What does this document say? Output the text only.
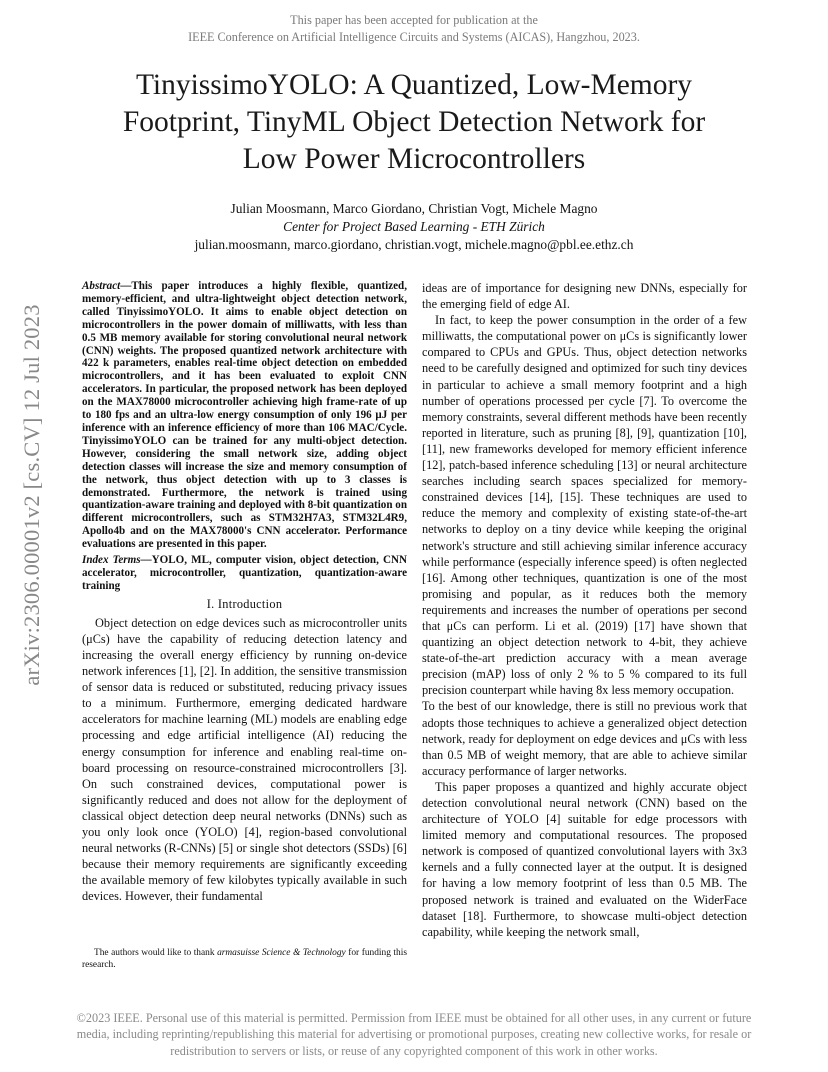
This paper has been accepted for publication at the
IEEE Conference on Artificial Intelligence Circuits and Systems (AICAS), Hangzhou, 2023.
TinyissimoYOLO: A Quantized, Low-Memory
Footprint, TinyML Object Detection Network for
Low Power Microcontrollers
Julian Moosmann, Marco Giordano, Christian Vogt, Michele Magno
Center for Project Based Learning - ETH Zürich
julian.moosmann, marco.giordano, christian.vogt, michele.magno@pbl.ee.ethz.ch
arXiv:2306.00001v2 [cs.CV] 12 Jul 2023
Abstract—This paper introduces a highly flexible, quantized, memory-efficient, and ultra-lightweight object detection network, called TinyissimoYOLO. It aims to enable object detection on microcontrollers in the power domain of milliwatts, with less than 0.5 MB memory available for storing convolutional neural network (CNN) weights. The proposed quantized network architecture with 422 k parameters, enables real-time object detection on embedded microcontrollers, and it has been evaluated to exploit CNN accelerators. In particular, the proposed network has been deployed on the MAX78000 microcontroller achieving high frame-rate of up to 180 fps and an ultra-low energy consumption of only 196 μJ per inference with an inference efficiency of more than 106 MAC/Cycle. TinyissimoYOLO can be trained for any multi-object detection. However, considering the small network size, adding object detection classes will increase the size and memory consumption of the network, thus object detection with up to 3 classes is demonstrated. Furthermore, the network is trained using quantization-aware training and deployed with 8-bit quantization on different microcontrollers, such as STM32H7A3, STM32L4R9, Apollo4b and on the MAX78000's CNN accelerator. Performance evaluations are presented in this paper.
Index Terms—YOLO, ML, computer vision, object detection, CNN accelerator, microcontroller, quantization, quantization-aware training
I. Introduction

Object detection on edge devices such as microcontroller units (μCs) have the capability of reducing detection latency and increasing the overall energy efficiency by running on-device network inferences [1], [2]. In addition, the sensitive transmission of sensor data is reduced or substituted, reducing privacy issues to a minimum. Furthermore, emerging dedicated hardware accelerators for machine learning (ML) models are enabling edge processing and edge artificial intelligence (AI) reducing the energy consumption for inference and enabling real-time on-board processing on resource-constrained microcontrollers [3]. On such constrained devices, computational power is significantly reduced and does not allow for the deployment of classical object detection deep neural networks (DNNs) such as you only look once (YOLO) [4], region-based convolutional neural networks (R-CNNs) [5] or single shot detectors (SSDs) [6] because their memory requirements are significantly exceeding the available memory of few kilobytes typically available in such devices. However, their fundamental

The authors would like to thank armasuisse Science & Technology for funding this research.

ideas are of importance for designing new DNNs, especially for the emerging field of edge AI.

In fact, to keep the power consumption in the order of a few milliwatts, the computational power on μCs is significantly lower compared to CPUs and GPUs. Thus, object detection networks need to be carefully designed and optimized for such tiny devices in particular to achieve a small memory footprint and a high number of operations processed per cycle [7]. To overcome the memory constraints, several different methods have been recently reported in literature, such as pruning [8], [9], quantization [10], [11], new frameworks developed for memory efficient inference [12], patch-based inference scheduling [13] or neural architecture searches including search spaces specialized for memory-constrained devices [14], [15]. These techniques are used to reduce the memory and complexity of existing state-of-the-art networks to deploy on a tiny device while keeping the original network's structure and still achieving similar inference accuracy while performance (especially inference speed) is often neglected [16]. Among other techniques, quantization is one of the most promising and popular, as it reduces both the memory requirements and increases the number of operations per second that μCs can perform. Li et al. (2019) [17] have shown that quantizing an object detection network to 4-bit, they achieve state-of-the-art prediction accuracy with a mean average precision (mAP) loss of only 2 % to 5 % compared to its full precision counterpart while having 8x less memory occupation.

To the best of our knowledge, there is still no previous work that adopts those techniques to achieve a generalized object detection network, ready for deployment on edge devices and μCs with less than 0.5 MB of weight memory, that are able to achieve similar accuracy performance of larger networks.

This paper proposes a quantized and highly accurate object detection convolutional neural network (CNN) based on the architecture of YOLO [4] suitable for edge processors with limited memory and computational resources. The proposed network is composed of quantized convolutional layers with 3x3 kernels and a fully connected layer at the output. It is designed for having a low memory footprint of less than 0.5 MB. The proposed network is trained and evaluated on the WiderFace dataset [18]. Furthermore, to showcase multi-object detection capability, while keeping the network small,

©2023 IEEE. Personal use of this material is permitted. Permission from IEEE must be obtained for all other uses, in any current or future
media, including reprinting/republishing this material for advertising or promotional purposes, creating new collective works, for resale or
redistribution to servers or lists, or reuse of any copyrighted component of this work in other works.
